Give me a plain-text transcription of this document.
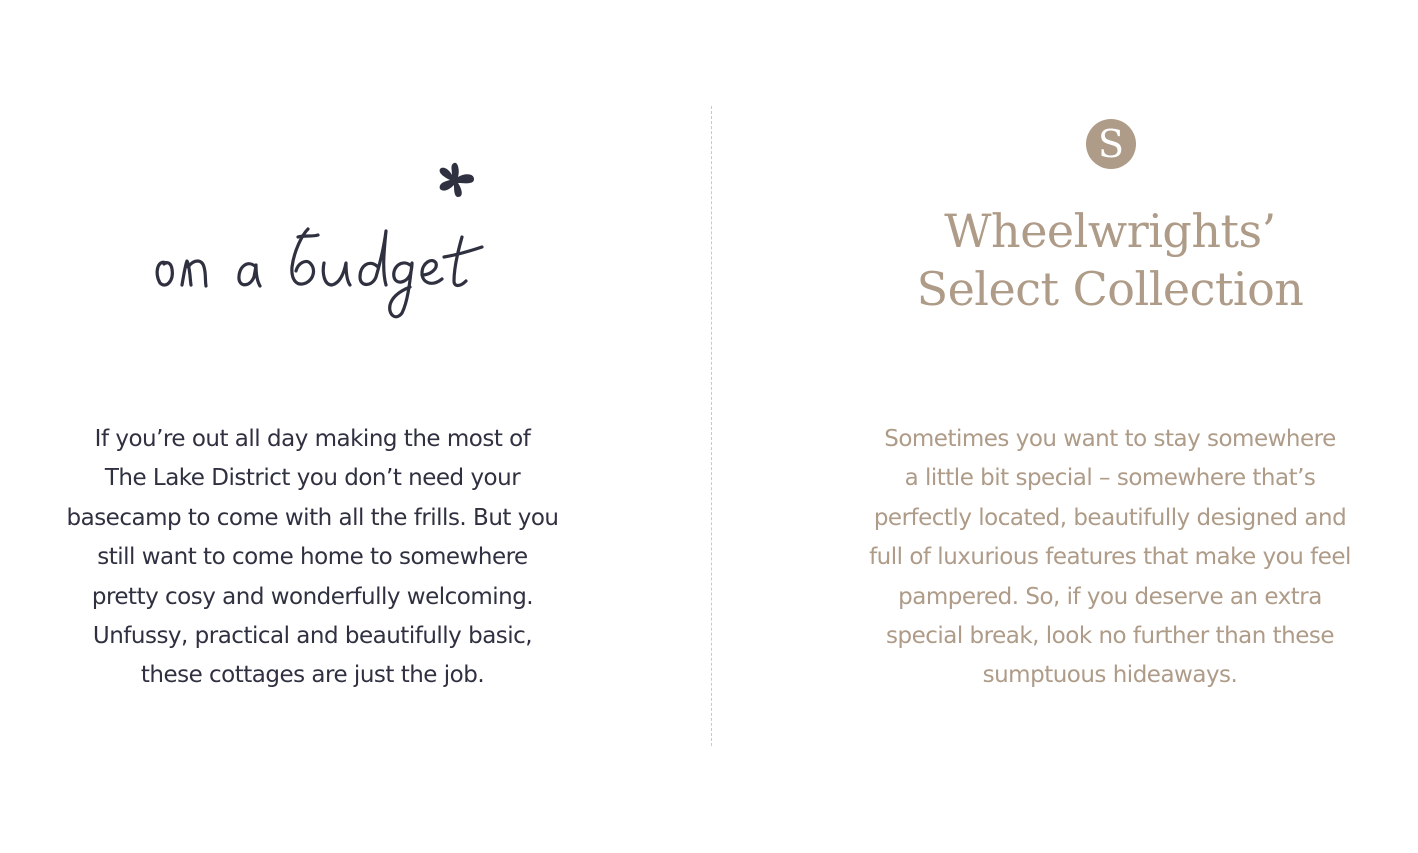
If you’re out all day making the most of
The Lake District you don’t need your
basecamp to come with all the frills. But you
still want to come home to somewhere
pretty cosy and wonderfully welcoming.
Unfussy, practical and beautifully basic,
these cottages are just the job.

S
Wheelwrights’
Select Collection

Sometimes you want to stay somewhere
a little bit special – somewhere that’s
perfectly located, beautifully designed and
full of luxurious features that make you feel
pampered. So, if you deserve an extra
special break, look no further than these
sumptuous hideaways.
